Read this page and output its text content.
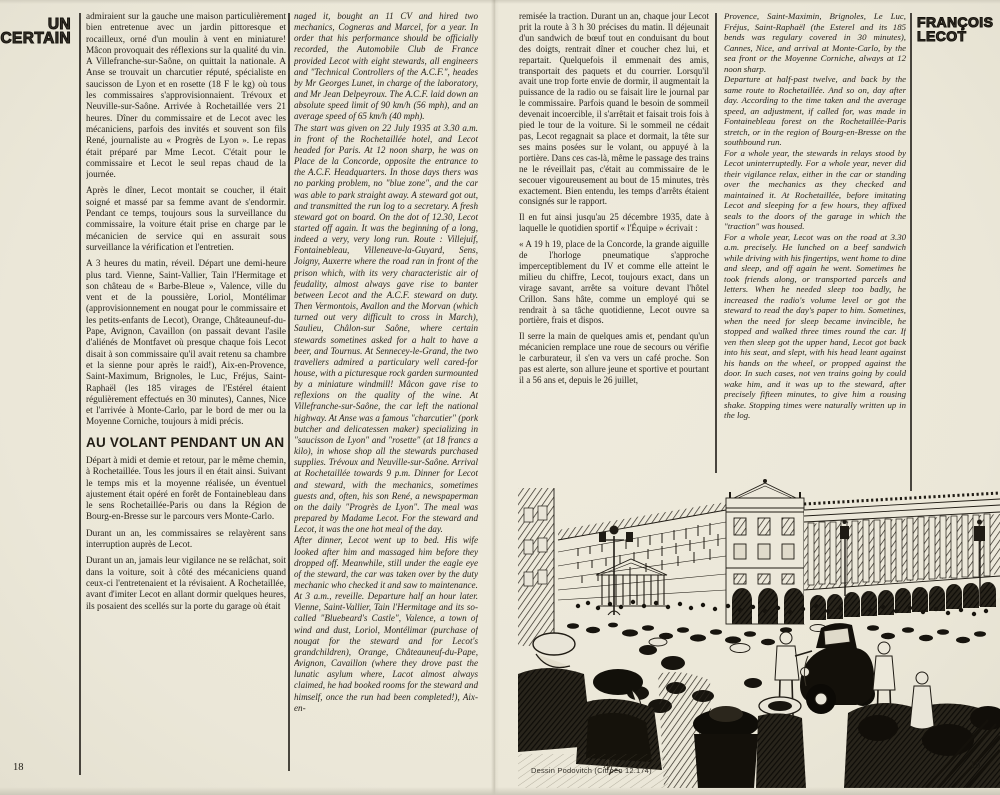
UN
CERTAIN

admiraient sur la gauche une maison particulièrement bien entretenue avec un jardin pittoresque et rocailleux, orné d'un moulin à vent en miniature! Mâcon provoquait des réflexions sur la qualité du vin. A Villefranche-sur-Saône, on quittait la nationale. A Anse se trouvait un charcutier réputé, spécialiste en saucisson de Lyon et en rosette (18 F le kg) où tous les commissaires s'approvisionnaient. Trévoux et Neuville-sur-Saône. Arrivée à Rochetaillée vers 21 heures. Dîner du commissaire et de Lecot avec les mécaniciens, parfois des invités et souvent son fils René, journaliste au « Progrès de Lyon ». Le repas était préparé par Mme Lecot. C'était pour le commissaire et Lecot le seul repas chaud de la journée.

Après le dîner, Lecot montait se coucher, il était soigné et massé par sa femme avant de s'endormir. Pendant ce temps, toujours sous la surveillance du commissaire, la voiture était prise en charge par le mécanicien de service qui en assurait sous surveillance la vérification et l'entretien.

A 3 heures du matin, réveil. Départ une demi-heure plus tard. Vienne, Saint-Vallier, Tain l'Hermitage et son château de « Barbe-Bleue », Valence, ville du vent et de la poussière, Loriol, Montélimar (approvisionnement en nougat pour le commissaire et les petits-enfants de Lecot), Orange, Châteauneuf-du-Pape, Avignon, Cavaillon (on passait devant l'asile d'aliénés de Montfavet où presque chaque fois Lecot disait à son commissaire qu'il avait retenu sa chambre et la sienne pour après le raid!), Aix-en-Provence, Saint-Maximum, Brignoles, le Luc, Fréjus, Saint-Raphaël (les 185 virages de l'Estérel étaient régulièrement effectués en 30 minutes), Cannes, Nice et l'arrivée à Monte-Carlo, par le bord de mer ou la Moyenne Corniche, toujours à midi précis.

AU VOLANT PENDANT UN AN

Départ à midi et demie et retour, par le même chemin, à Rochetaillée. Tous les jours il en était ainsi. Suivant le temps mis et la moyenne réalisée, un éventuel ajustement était opéré en forêt de Fontainebleau dans le sens Rochetaillée-Paris ou dans la Région de Bourg-en-Bresse sur le parcours vers Monte-Carlo.

Durant un an, les commissaires se relayèrent sans interruption auprès de Lecot.

Durant un an, jamais leur vigilance ne se relâchat, soit dans la voiture, soit à côté des mécaniciens quand ceux-ci l'entretenaient et la révisaient. A Rochetaillée, avant d'imiter Lecot en allant dormir quelques heures, ils posaient des scellés sur la porte du garage où était

naged it, bought an 11 CV and hired two mechanics, Cogneras and Marcel, for a year. In order that his performance should be officially recorded, the Automobile Club de France provided Lecot with eight stewards, all engineers and "Technical Controllers of the A.C.F.", heades by Mr Georges Lunet, in charge of the laboratory, and Mr Jean Delpeyroux. The A.C.F. laid down an absolute speed limit of 90 km/h (56 mph), and an average speed of 65 km/h (40 mph).

The start was given on 22 July 1935 at 3.30 a.m. in front of the Rochetaillée hotel, and Lecot headed for Paris. At 12 noon sharp, he was on Place de la Concorde, opposite the entrance to the A.C.F. Headquarters. In those days thers was no parking problem, no "blue zone", and the car was able to park straight away. A steward got out, and transmitted the run log to a secretary. A fresh steward got on board. On the dot of 12.30, Lecot started off again. It was the beginning of a long, indeed a very, very long run. Route : Villejuif, Fontainebleau, Villeneuve-la-Guyard, Sens, Joigny, Auxerre where the road ran in front of the prison which, with its very characteristic air of feudality, almost always gave rise to banter between Lecot and the A.C.F. steward on duty. Then Vermontois, Avallon and the Morvan (which turned out very difficult to cross in March), Saulieu, Châlon-sur Saône, where certain stewards sometines asked for a halt to have a beer, and Tournus. At Sennecey-le-Grand, the two travellers admired a particulary well cared-for house, with a picturesque rock garden surmounted by a miniature windmill! Mâcon gave rise to reflexions on the quality of the wine. At Villefranche-sur-Saône, the car left the national highway. At Anse was a famous "charcutier" (pork butcher and delicatessen maker) specializing in "saucisson de Lyon" and "rosette" (at 18 francs a kilo), in whose shop all the stewards purchased supplies. Trévoux and Neuville-sur-Saône. Arrival at Rochetaillée towards 9 p.m. Dinner for Lecot and steward, with the mechanics, sometimes guests and, often, his son René, a newspaperman on the daily "Progrès de Lyon". The meal was prepared by Madame Lecot. For the steward and Lecot, it was the one hot meal of the day.

After dinner, Lecot went up to bed. His wife looked after him and massaged him before they dropped off. Meanwhile, still under the eagle eye of the steward, the car was taken over by the duty mechanic who checked it and saw to maintenance.

At 3 a.m., reveille. Departure half an hour later. Vienne, Saint-Vallier, Tain l'Hermitage and its so-called "Bluebeard's Castle", Valence, a town of wind and dust, Loriol, Montélimar (purchase of nougat for the steward and for Lecot's grandchildren), Orange, Châteauneuf-du-Pape, Avignon, Cavaillon (where they drove past the lunatic asylum where, Lacot almost always claimed, he had booked rooms for the steward and himself, once the run had been completed!), Aix-en-

remisée la traction. Durant un an, chaque jour Lecot prit la route à 3 h 30 précises du matin. Il déjeunait d'un sandwich de bœuf tout en conduisant du bout des doigts, rentrait dîner et coucher chez lui, et repartait. Quelquefois il emmenait des amis, transportait des paquets et du courrier. Lorsqu'il avait une trop forte envie de dormir, il augmentait la puissance de la radio ou se faisait lire le journal par le commissaire. Parfois quand le besoin de sommeil devenait incoercible, il s'arrêtait et faisait trois fois à pied le tour de la voiture. Si le sommeil ne cédait pas, Lecot regagnait sa place et dormait, la tête sur ses mains posées sur le volant, ou appuyé à la portière. Dans ces cas-là, même le passage des trains ne le réveillait pas, c'était au commissaire de le secouer vigoureusement au bout de 15 minutes, très exactement. Bien entendu, les temps d'arrêts étaient consignés sur le rapport.

Il en fut ainsi jusqu'au 25 décembre 1935, date à laquelle le quotidien sportif « l'Équipe » écrivait :

« A 19 h 19, place de la Concorde, la grande aiguille de l'horloge pneumatique s'approche imperceptiblement du IV et comme elle atteint le milieu du chiffre, Lecot, toujours exact, dans un virage savant, arrête sa voiture devant l'hôtel Crillon. Sans hâte, comme un employé qui se rendrait à sa tâche quotidienne, Lecot ouvre sa portière, frais et dispos.

Il serre la main de quelques amis et, pendant qu'un mécanicien remplace une roue de secours ou vérifie le carburateur, il s'en va vers un café proche. Son pas est alerte, son allure jeune et sportive et pourtant il a 56 ans et, depuis le 26 juillet,

Provence, Saint-Maximin, Brignoles, Le Luc, Fréjus, Saint-Raphaël (the Esterel and its 185 bends was regulary covered in 30 minutes), Cannes, Nice, and arrival at Monte-Carlo, by the sea front or the Moyenne Corniche, always at 12 noon sharp.

Departure at half-past twelve, and back by the same route to Rochetaillée. And so on, day after day. According to the time taken and the average speed, an adjustment, if called for, was made in Fontainebleau forest on the Rochetaillée-Paris stretch, or in the region of Bourg-en-Bresse on the southbound run.

For a whole year, the stewards in relays stood by Lecot uninterruptedly. For a whole year, never did their vigilance relax, either in the car or standing over the mechanics as they checked and maintained it. At Rochetaillée, before imitating Lecot and sleeping for a few hours, they affixed seals to the doors of the garage in which the "traction" was housed.

For a whole year, Lecot was on the road at 3.30 a.m. precisely. He lunched on a beef sandwich while driving with his fingertips, went home to dine and sleep, and off again he went. Sometimes he took friends along, or transported parcels and letters. When he needed sleep too badly, he increased the radio's volume level or got the steward to read the day's paper to him. Sometines, when the need for sleep became invincible, he stopped and walked three times round the car. If ven then sleep got the upper hand, Lecot got back into his seat, and slept, with his head leant against his hands on the wheel, or propped against the door. In such cases, not ven trains going by could wake him, and it was up to the steward, after precisely fifteen minutes, to give him a rousing shake. Stopping times were naturally written up in the log.

FRANÇOIS
LECOT
Dessin Podovitch (Citroën 12.174)
18	19
